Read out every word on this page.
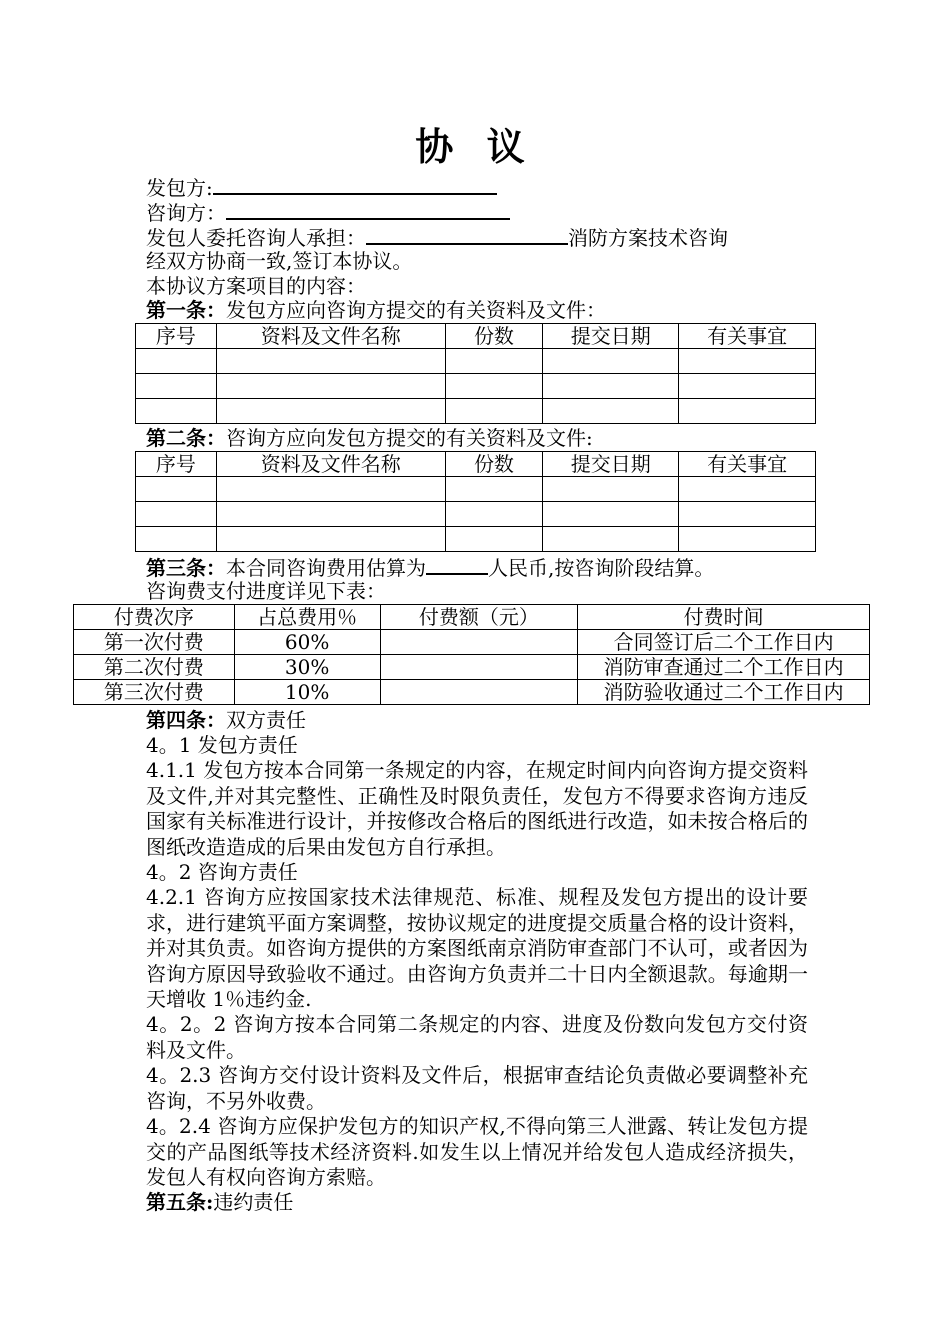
协 议
发包方:
咨询方：
发包人委托咨询人承担：	消防方案技术咨询
经双方协商一致,签订本协议。
本协议方案项目的内容：
第一条：发包方应向咨询方提交的有关资料及文件：
序号	资料及文件名称	份数	提交日期	有关事宜

第二条：咨询方应向发包方提交的有关资料及文件:
序号	资料及文件名称	份数	提交日期	有关事宜

第三条：本合同咨询费用估算为	人民币,按咨询阶段结算。
咨询费支付进度详见下表：
付费次序	占总费用％	付费额（元）	付费时间
第一次付费	60%		合同签订后二个工作日内
第二次付费	30%		消防审查通过二个工作日内
第三次付费	10%		消防验收通过二个工作日内
第四条：双方责任
4。1 发包方责任
4.1.1 发包方按本合同第一条规定的内容，在规定时间内向咨询方提交资料及文件,并对其完整性、正确性及时限负责任，发包方不得要求咨询方违反国家有关标准进行设计，并按修改合格后的图纸进行改造，如未按合格后的图纸改造造成的后果由发包方自行承担。
4。2 咨询方责任
4.2.1 咨询方应按国家技术法律规范、标准、规程及发包方提出的设计要求，进行建筑平面方案调整，按协议规定的进度提交质量合格的设计资料，并对其负责。如咨询方提供的方案图纸南京消防审查部门不认可，或者因为咨询方原因导致验收不通过。由咨询方负责并二十日内全额退款。每逾期一天增收 1％违约金.
4。2。2 咨询方按本合同第二条规定的内容、进度及份数向发包方交付资料及文件。
4。2.3 咨询方交付设计资料及文件后，根据审查结论负责做必要调整补充咨询，不另外收费。
4。2.4 咨询方应保护发包方的知识产权,不得向第三人泄露、转让发包方提交的产品图纸等技术经济资料.如发生以上情况并给发包人造成经济损失，发包人有权向咨询方索赔。
第五条:违约责任
